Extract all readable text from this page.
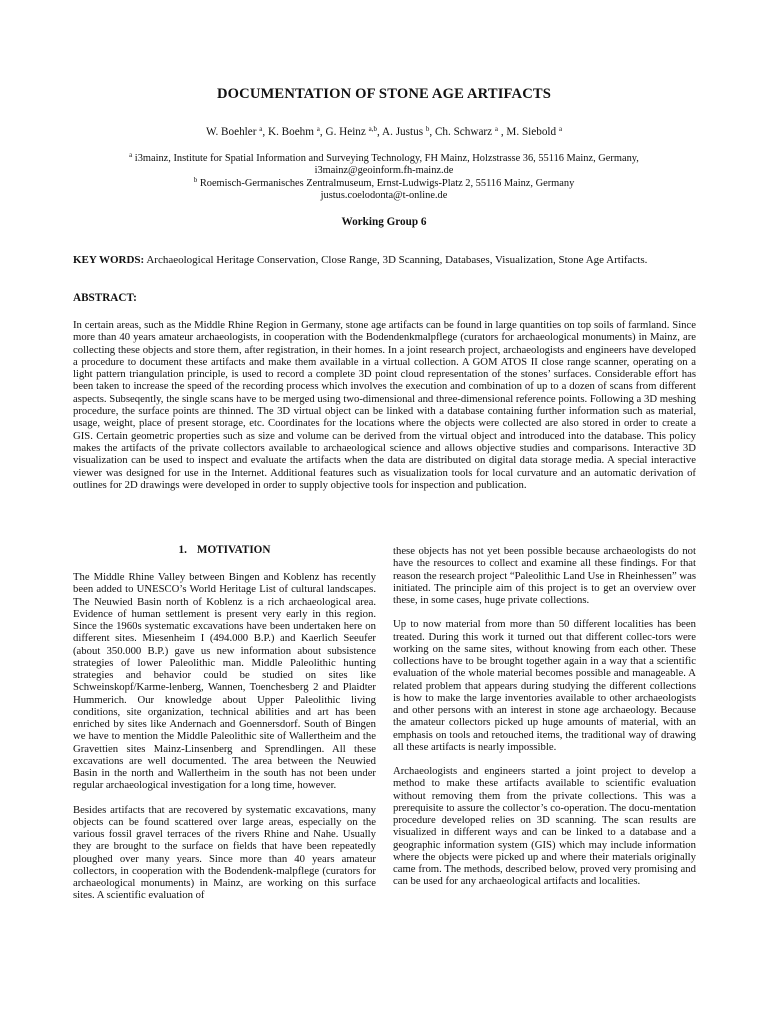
DOCUMENTATION OF STONE AGE ARTIFACTS
W. Boehler $^a$, K. Boehm $^a$, G. Heinz $^{a,b}$, A. Justus $^b$, Ch. Schwarz $^a$ , M. Siebold $^a$
$^a$ i3mainz, Institute for Spatial Information and Surveying Technology, FH Mainz, Holzstrasse 36, 55116 Mainz, Germany,
i3mainz@geoinform.fh-mainz.de
$^b$ Roemisch-Germanisches Zentralmuseum, Ernst-Ludwigs-Platz 2, 55116 Mainz, Germany
justus.coelodonta@t-online.de
Working Group 6
KEY WORDS: Archaeological Heritage Conservation, Close Range, 3D Scanning, Databases, Visualization, Stone Age Artifacts.
ABSTRACT:

In certain areas, such as the Middle Rhine Region in Germany, stone age artifacts can be found in large quantities on top soils of farmland. Since more than 40 years amateur archaeologists, in cooperation with the Bodendenkmalpflege (curators for archaeological monuments) in Mainz, are collecting these objects and store them, after registration, in their homes. In a joint research project, archaeologists and engineers have developed a procedure to document these artifacts and make them available in a virtual collection. A GOM ATOS II close range scanner, operating on a light pattern triangulation principle, is used to record a complete 3D point cloud representation of the stones’ surfaces. Considerable effort has been taken to increase the speed of the recording process which involves the execution and combination of up to a dozen of scans from different aspects. Subseqently, the single scans have to be merged using two-dimensional and three-dimensional reference points. Following a 3D meshing procedure, the surface points are thinned. The 3D virtual object can be linked with a database containing further information such as material, usage, weight, place of present storage, etc. Coordinates for the locations where the objects were collected are also stored in order to create a GIS. Certain geometric properties such as size and volume can be derived from the virtual object and introduced into the database. This policy makes the artifacts of the private collectors available to archaeological science and allows objective studies and comparisons. Interactive 3D visualization can be used to inspect and evaluate the artifacts when the data are distributed on digital data storage media. A special interactive viewer was designed for use in the Internet. Additional features such as visualization tools for local curvature and an automatic derivation of outlines for 2D drawings were developed in order to supply objective tools for inspection and publication.

1. MOTIVATION

The Middle Rhine Valley between Bingen and Koblenz has recently been added to UNESCO’s World Heritage List of cultural landscapes. The Neuwied Basin north of Koblenz is a rich archaeological area. Evidence of human settlement is present very early in this region. Since the 1960s systematic excavations have been undertaken here on different sites. Miesenheim I (494.000 B.P.) and Kaerlich Seeufer (about 350.000 B.P.) gave us new information about subsistence strategies of lower Paleolithic man. Middle Paleolithic hunting strategies and behavior could be studied on sites like Schweinskopf/Karme-lenberg, Wannen, Toenchesberg 2 and Plaidter Hummerich. Our knowledge about Upper Paleolithic living conditions, site organization, technical abilities and art has been enriched by sites like Andernach and Goennersdorf. South of Bingen we have to mention the Middle Paleolithic site of Wallertheim and the Gravettien sites Mainz-Linsenberg and Sprendlingen. All these excavations are well documented. The area between the Neuwied Basin in the north and Wallertheim in the south has not been under regular archaeological investigation for a long time, however.

Besides artifacts that are recovered by systematic excavations, many objects can be found scattered over large areas, especially on the various fossil gravel terraces of the rivers Rhine and Nahe. Usually they are brought to the surface on fields that have been repeatedly ploughed over many years. Since more than 40 years amateur collectors, in cooperation with the Bodendenk-malpflege (curators for archaeological monuments) in Mainz, are working on this surface sites. A scientific evaluation of

these objects has not yet been possible because archaeologists do not have the resources to collect and examine all these findings. For that reason the research project “Paleolithic Land Use in Rheinhessen” was initiated. The principle aim of this project is to get an overview over these, in some cases, huge private collections.

Up to now material from more than 50 different localities has been treated. During this work it turned out that different collec-tors were working on the same sites, without knowing from each other. These collections have to be brought together again in a way that a scientific evaluation of the whole material becomes possible and manageable. A related problem that appears during studying the different collections is how to make the large inventories available to other archaeologists and other persons with an interest in stone age archaeology. Because the amateur collectors picked up huge amounts of material, with an emphasis on tools and retouched items, the traditional way of drawing all these artifacts is nearly impossible.

Archaeologists and engineers started a joint project to develop a method to make these artifacts available to scientific evaluation without removing them from the private collections. This was a prerequisite to assure the collector’s co-operation. The docu-mentation procedure developed relies on 3D scanning. The scan results are visualized in different ways and can be linked to a database and a geographic information system (GIS) which may include information where the objects were picked up and where their materials originally came from. The methods, described below, proved very promising and can be used for any archaeological artifacts and localities.
